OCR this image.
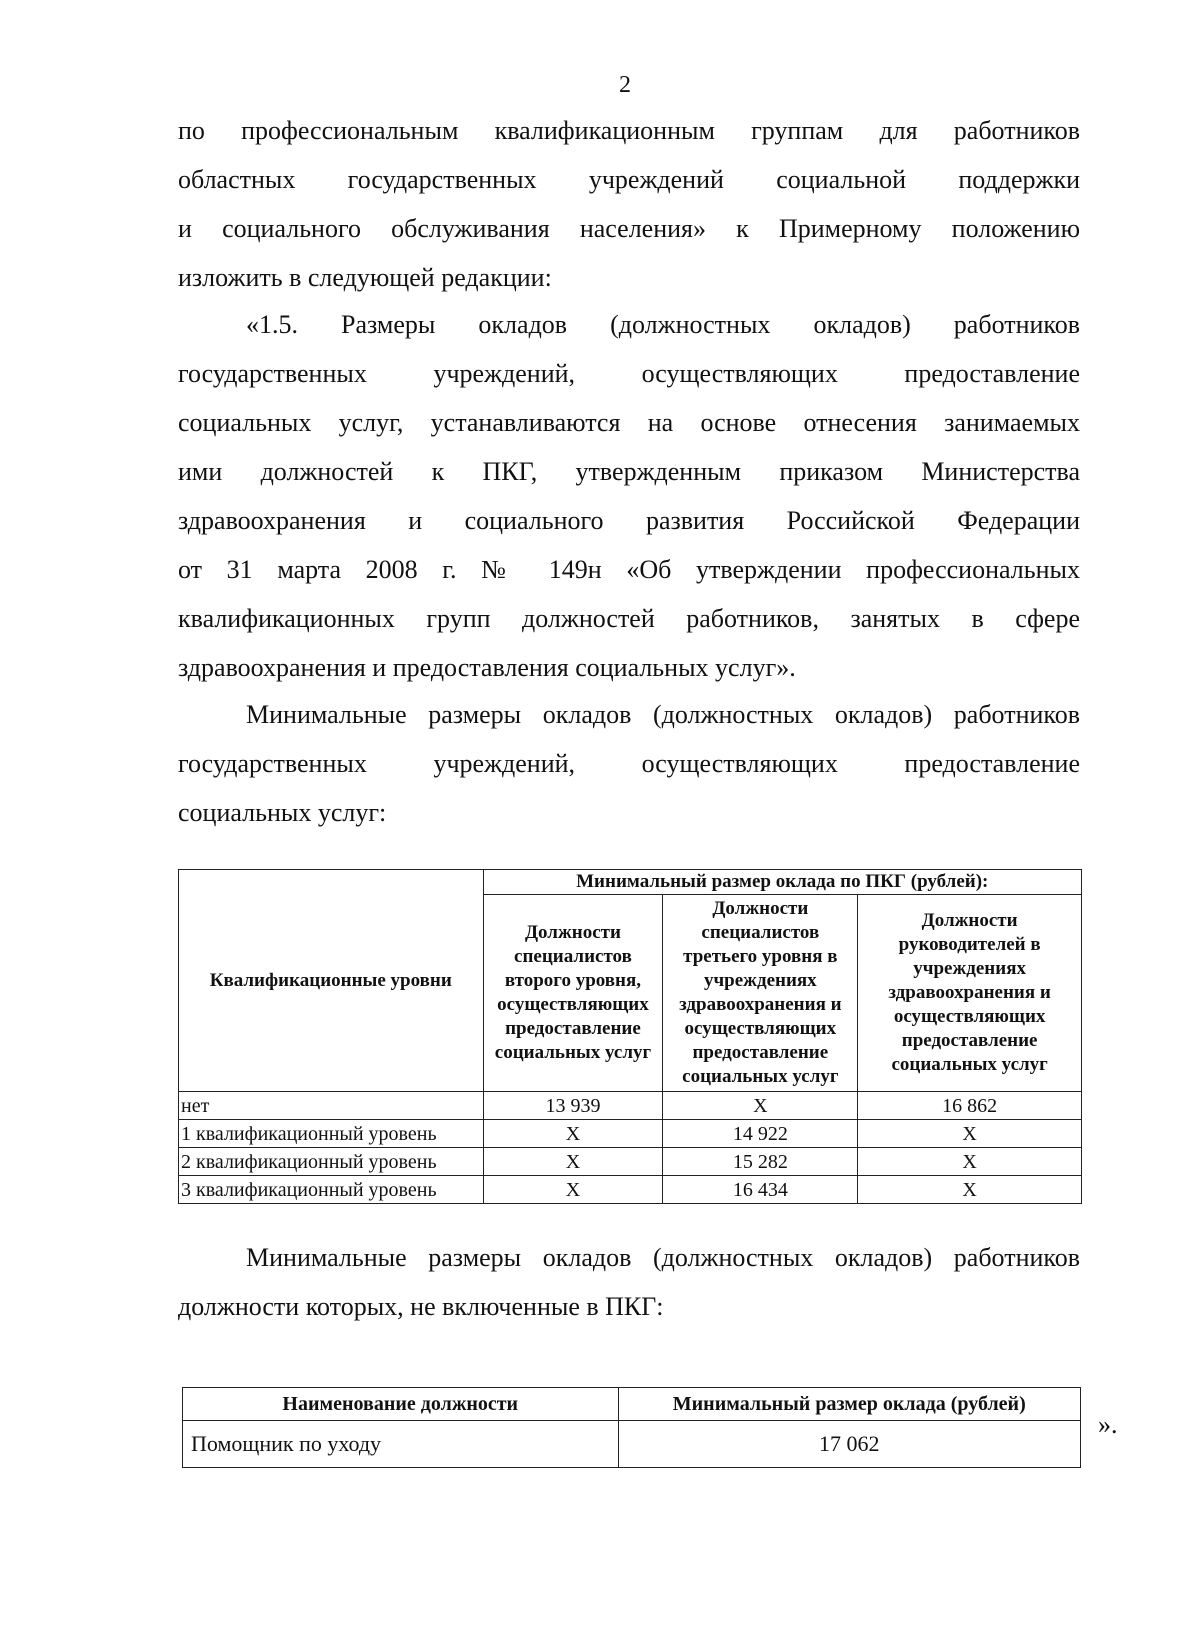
2
по профессиональным квалификационным группам для работников
областных государственных учреждений социальной поддержки
и социального обслуживания населения» к Примерному положению
изложить в следующей редакции:
«1.5. Размеры окладов (должностных окладов) работников
государственных учреждений, осуществляющих предоставление
социальных услуг, устанавливаются на основе отнесения занимаемых
ими должностей к ПКГ, утвержденным приказом Министерства
здравоохранения и социального развития Российской Федерации
от 31 марта 2008 г. № 149н «Об утверждении профессиональных
квалификационных групп должностей работников, занятых в сфере
здравоохранения и предоставления социальных услуг».
Минимальные размеры окладов (должностных окладов) работников
государственных учреждений, осуществляющих предоставление
социальных услуг:
Квалификационные уровни	Минимальный размер оклада по ПКГ (рублей):		
	Должности специалистов второго уровня, осуществляющих предоставление социальных услуг	Должности специалистов третьего уровня в учреждениях здравоохранения и осуществляющих предоставление социальных услуг	Должности руководителей в учреждениях здравоохранения и осуществляющих предоставление социальных услуг
нет	13 939	Х	16 862
1 квалификационный уровень	Х	14 922	Х
2 квалификационный уровень	Х	15 282	Х
3 квалификационный уровень	Х	16 434	Х
Минимальные размеры окладов (должностных окладов) работников
должности которых, не включенные в ПКГ:
Наименование должности	Минимальный размер оклада (рублей)
Помощник по уходу	17 062
».
